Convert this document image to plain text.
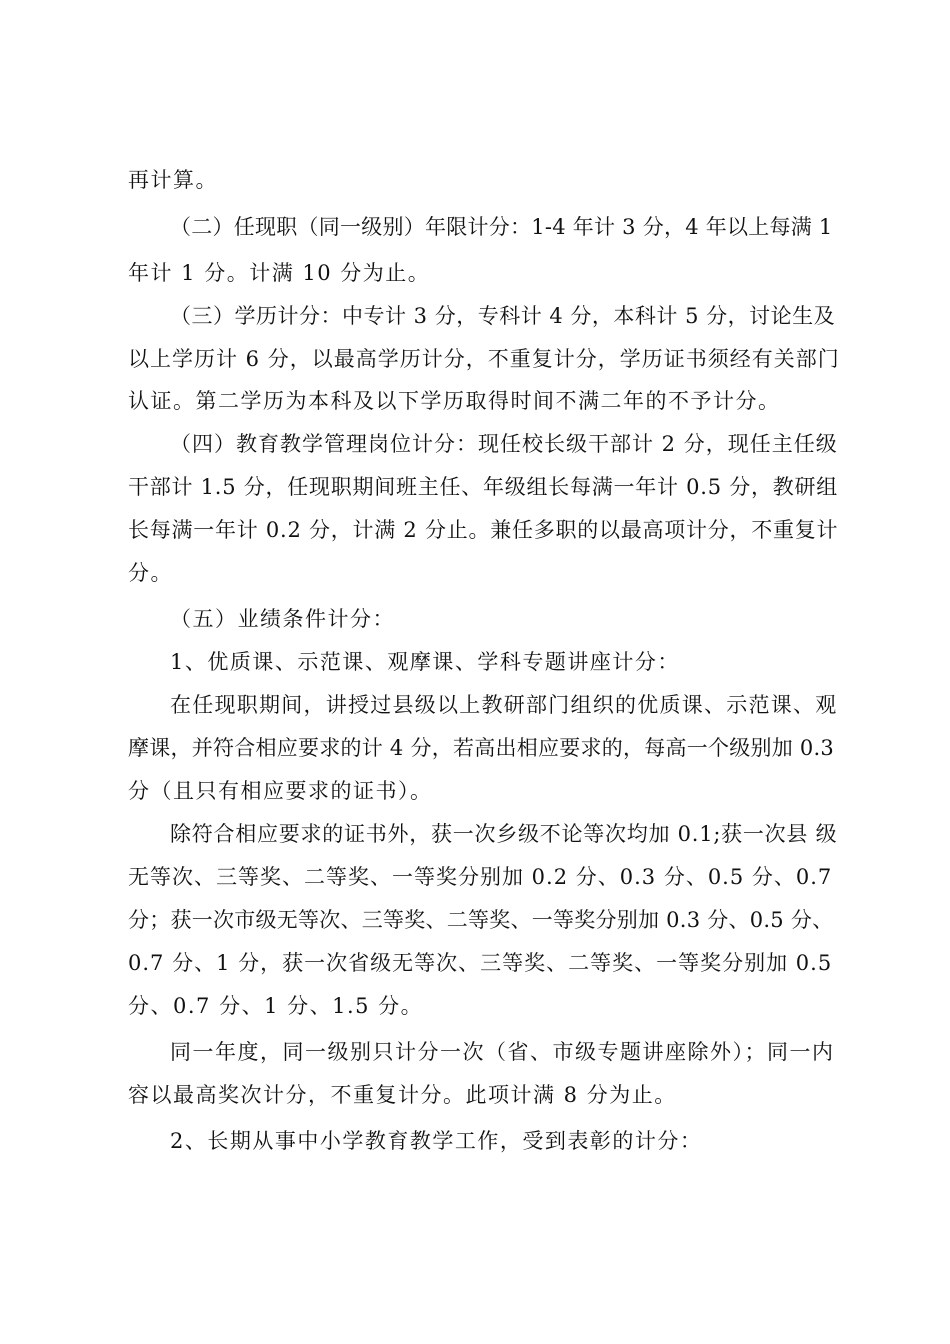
再计算。
（二）任现职（同一级别）年限计分：1-4 年计 3 分，4 年以上每满 1
年计 1 分。计满 10 分为止。
（三）学历计分：中专计 3 分，专科计 4 分，本科计 5 分，讨论生及
以上学历计 6 分，以最高学历计分，不重复计分，学历证书须经有关部门
认证。第二学历为本科及以下学历取得时间不满二年的不予计分。
（四）教育教学管理岗位计分：现任校长级干部计 2 分，现任主任级
干部计 1.5 分，任现职期间班主任、年级组长每满一年计 0.5 分，教研组
长每满一年计 0.2 分，计满 2 分止。兼任多职的以最高项计分，不重复计
分。
（五）业绩条件计分：
1、优质课、示范课、观摩课、学科专题讲座计分：
在任现职期间，讲授过县级以上教研部门组织的优质课、示范课、观
摩课，并符合相应要求的计 4 分，若高出相应要求的，每高一个级别加 0.3
分（且只有相应要求的证书）。
除符合相应要求的证书外，获一次乡级不论等次均加 0.1;获一次县 级
无等次、三等奖、二等奖、一等奖分别加 0.2 分、0.3 分、0.5 分、0.7
分；获一次市级无等次、三等奖、二等奖、一等奖分别加 0.3 分、0.5 分、
0.7 分、1 分，获一次省级无等次、三等奖、二等奖、一等奖分别加 0.5
分、0.7 分、1 分、1.5 分。
同一年度，同一级别只计分一次（省、市级专题讲座除外）；同一内
容以最高奖次计分，不重复计分。此项计满 8 分为止。
2、长期从事中小学教育教学工作，受到表彰的计分：
